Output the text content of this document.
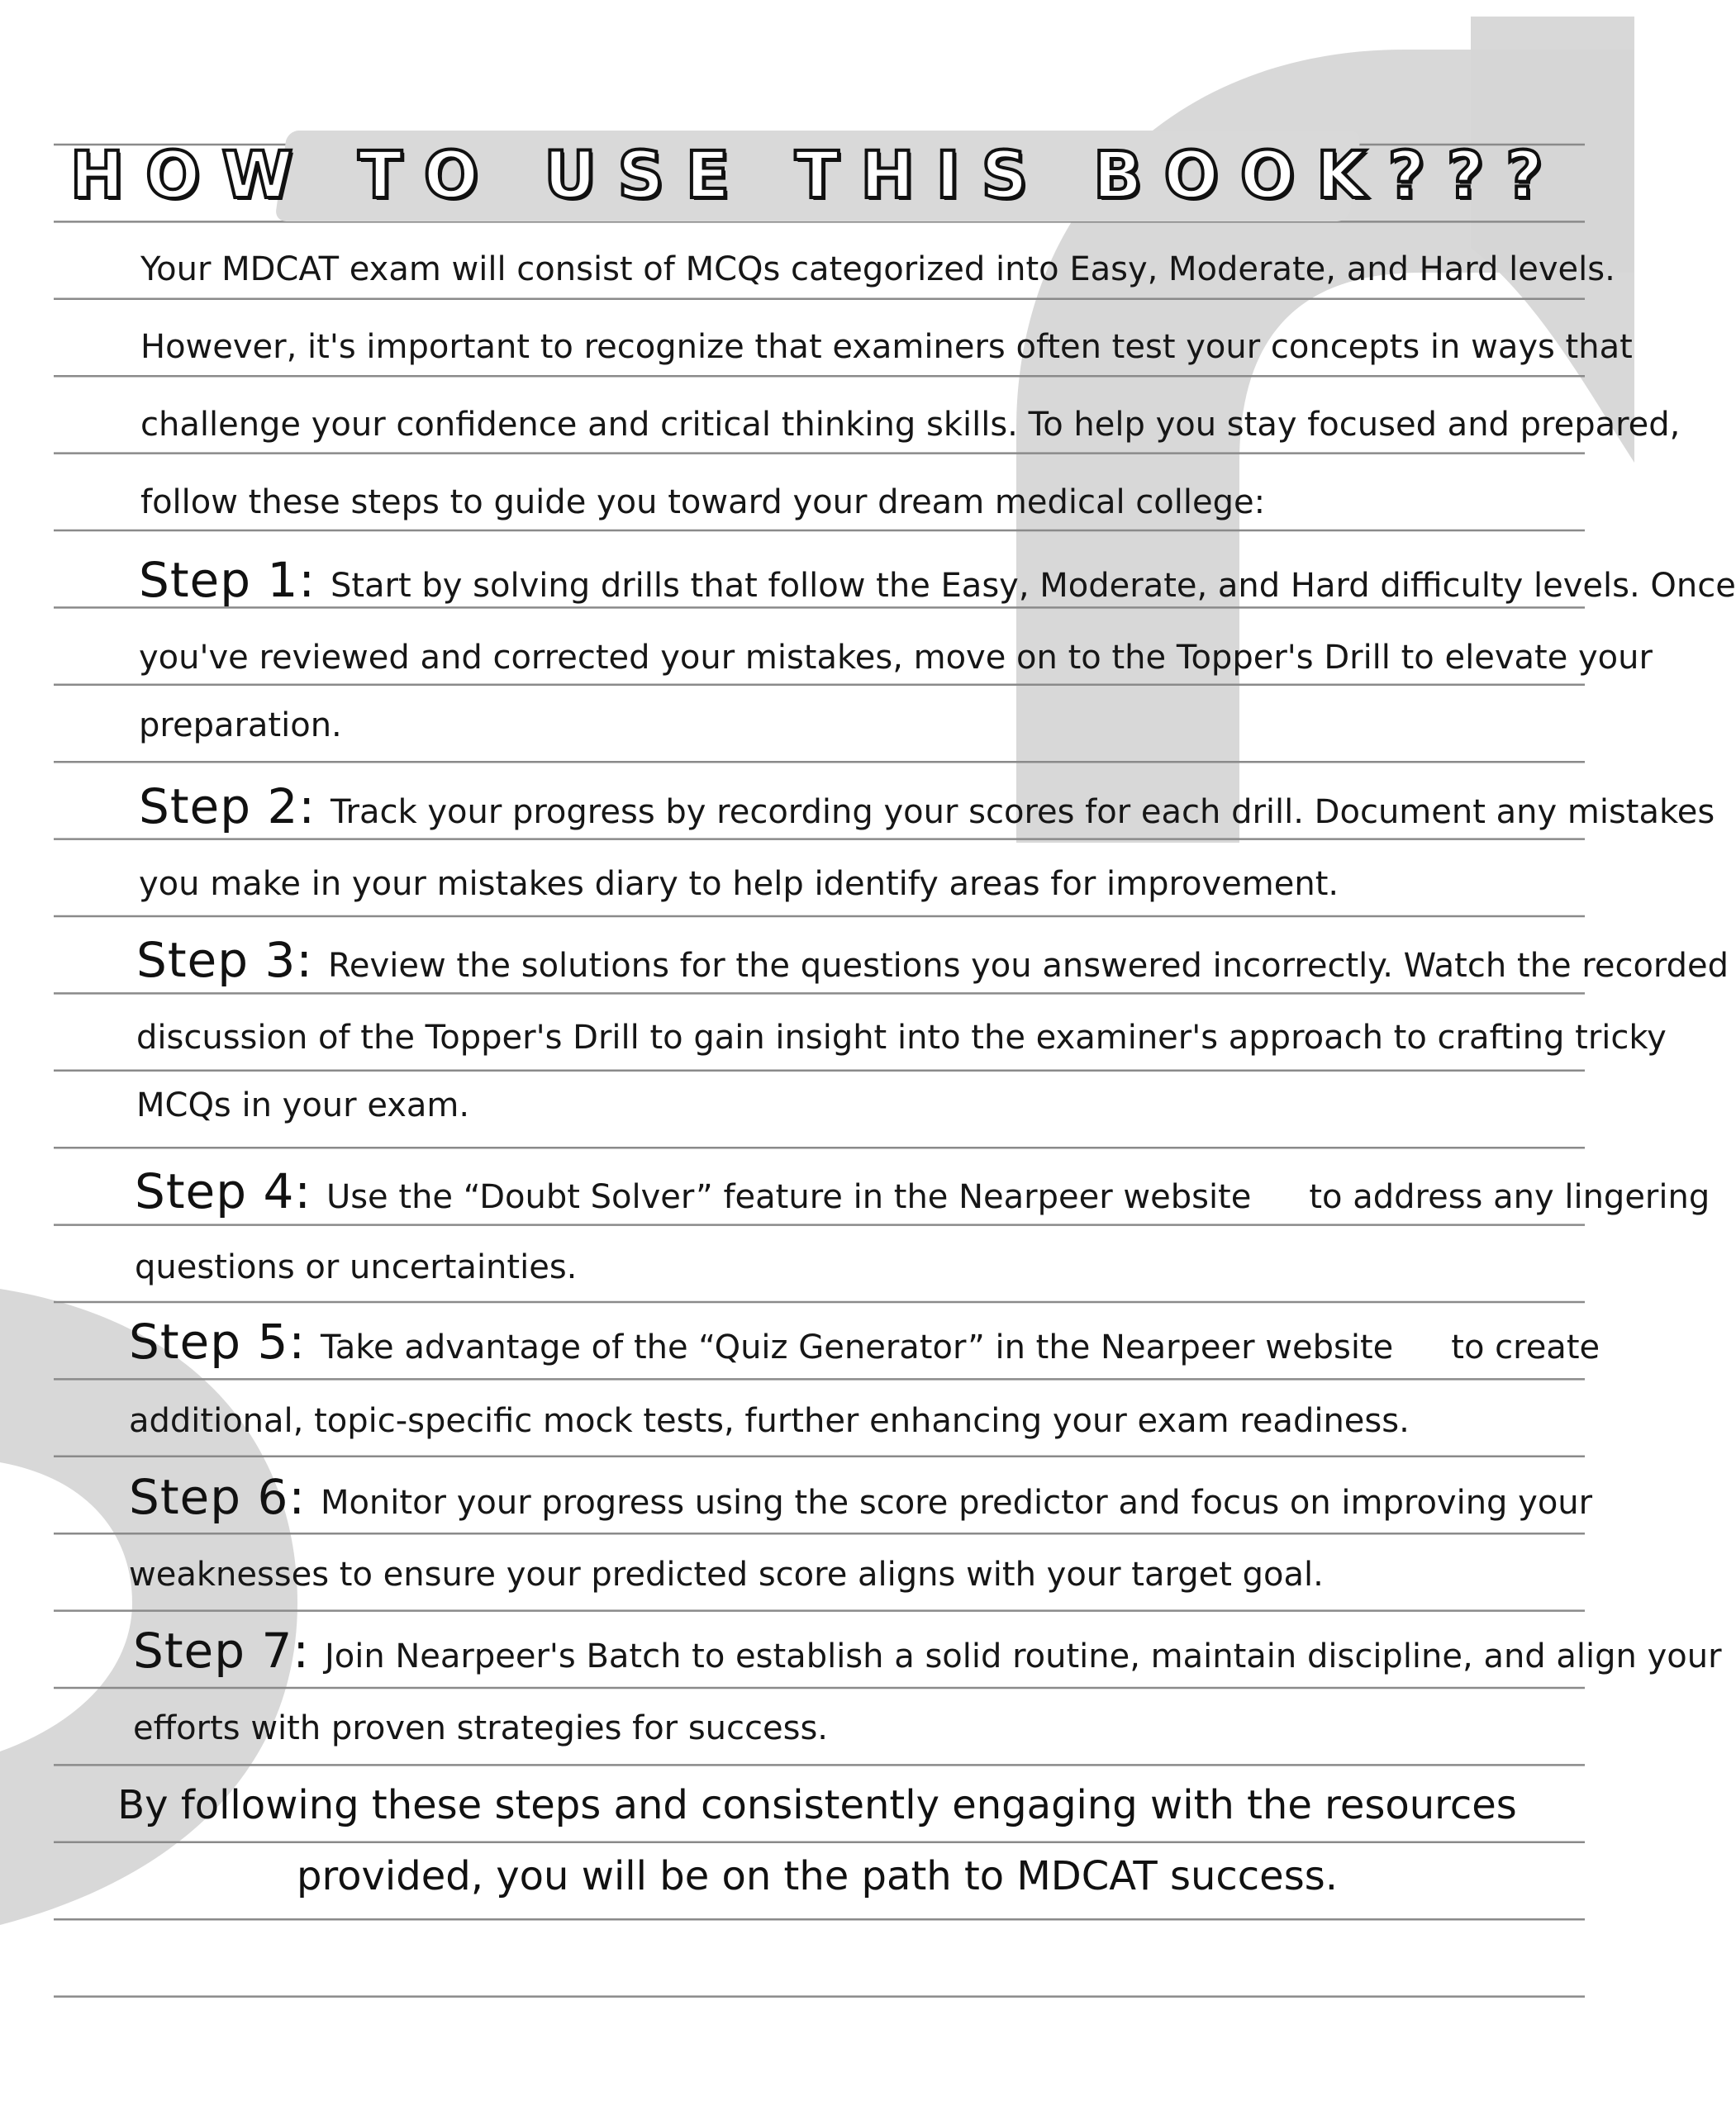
HOW TO USE THIS BOOK???

Your MDCAT exam will consist of MCQs categorized into Easy, Moderate, and Hard levels.

However, it's important to recognize that examiners often test your concepts in ways that

challenge your confidence and critical thinking skills. To help you stay focused and prepared,

follow these steps to guide you toward your dream medical college:

Step 1: Start by solving drills that follow the Easy, Moderate, and Hard difficulty levels. Once

you've reviewed and corrected your mistakes, move on to the Topper's Drill to elevate your

preparation.

Step 2: Track your progress by recording your scores for each drill. Document any mistakes

you make in your mistakes diary to help identify areas for improvement.

Step 3: Review the solutions for the questions you answered incorrectly. Watch the recorded

discussion of the Topper's Drill to gain insight into the examiner's approach to crafting tricky

MCQs in your exam.

Step 4: Use the “Doubt Solver” feature in the Nearpeer website to address any lingering

questions or uncertainties.

Step 5: Take advantage of the “Quiz Generator” in the Nearpeer website to create

additional, topic-specific mock tests, further enhancing your exam readiness.

Step 6: Monitor your progress using the score predictor and focus on improving your

weaknesses to ensure your predicted score aligns with your target goal.

Step 7: Join Nearpeer's Batch to establish a solid routine, maintain discipline, and align your

efforts with proven strategies for success.

By following these steps and consistently engaging with the resources

provided, you will be on the path to MDCAT success.
